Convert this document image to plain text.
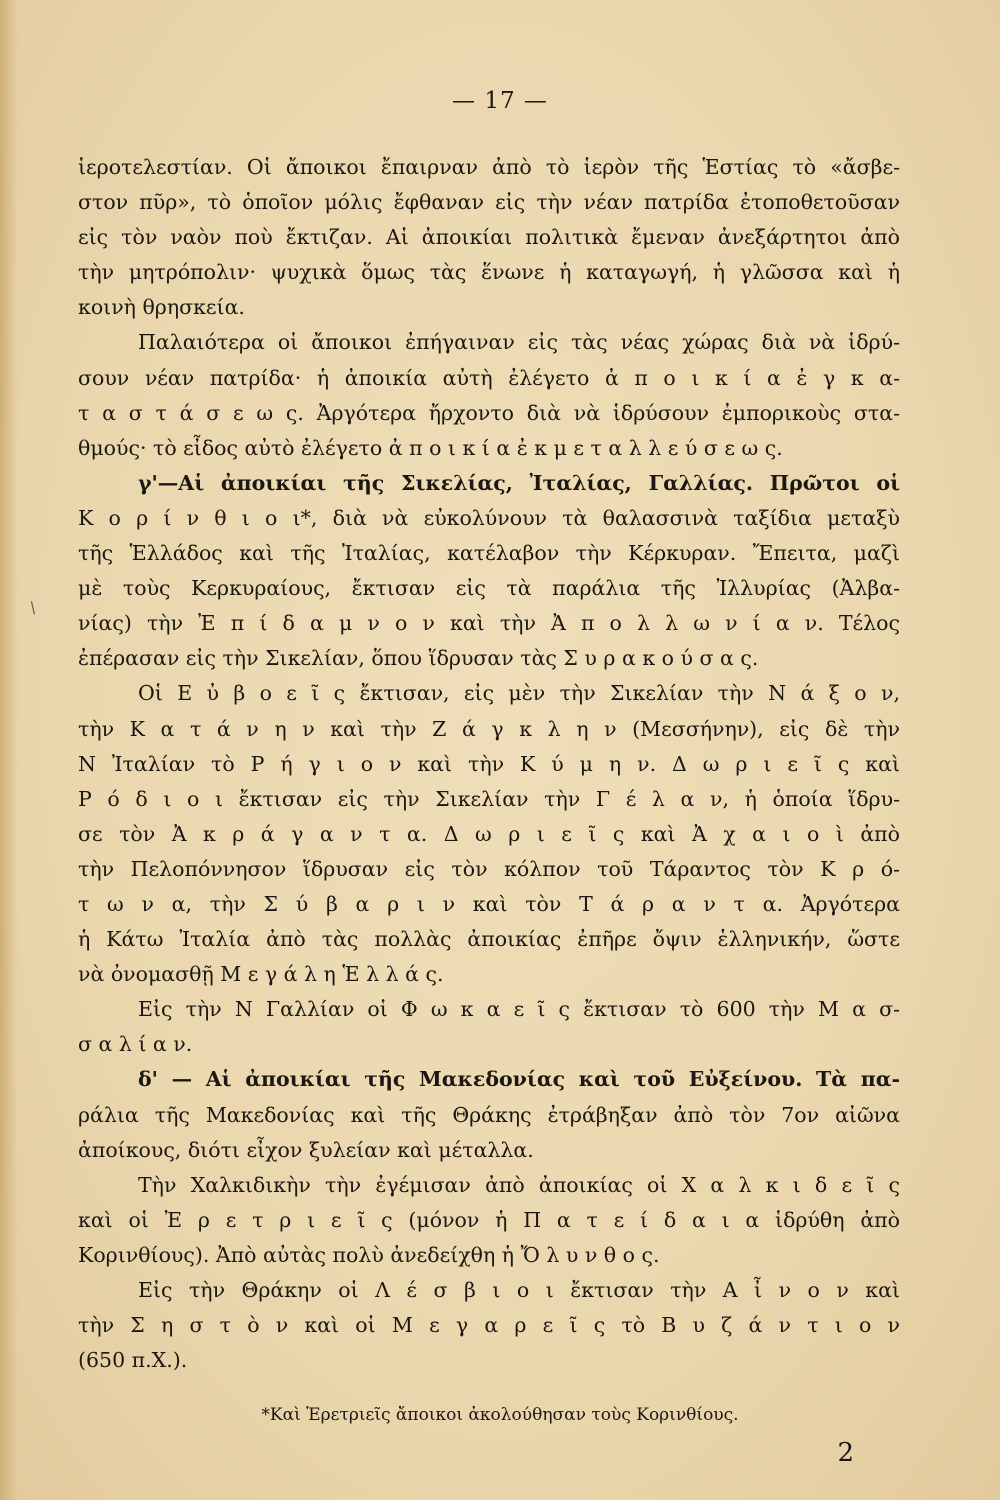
— 17 —
/

ἱεροτελεστίαν. Οἱ ἄποικοι ἔπαιρναν ἀπὸ τὸ ἱερὸν τῆς Ἑστίας τὸ «ἄσβε-
στον πῦρ», τὸ ὁποῖον μόλις ἔφθαναν εἰς τὴν νέαν πατρίδα ἐτοποθετοῦσαν
εἰς τὸν ναὸν ποὺ ἔκτιζαν. Αἱ ἀποικίαι πολιτικὰ ἔμεναν ἀνεξάρτητοι ἀπὸ
τὴν μητρόπολιν· ψυχικὰ ὅμως τὰς ἕνωνε ἡ καταγωγή, ἡ γλῶσσα καὶ ἡ
κοινὴ θρησκεία.

Παλαιότερα οἱ ἄποικοι ἐπήγαιναν εἰς τὰς νέας χώρας διὰ νὰ ἱδρύ-
σουν νέαν πατρίδα· ἡ ἀποικία αὐτὴ ἐλέγετο ἀ π ο ι κ ί α ἐ γ κ α-
τ α σ τ ά σ ε ω ς. Ἀργότερα ἤρχοντο διὰ νὰ ἱδρύσουν ἐμπορικοὺς στα-
θμούς· τὸ εἶδος αὐτὸ ἐλέγετο ἀ π ο ι κ ί α ἐ κ μ ε τ α λ λ ε ύ σ ε ω ς.

γ'—Αἱ ἀποικίαι τῆς Σικελίας, Ἰταλίας, Γαλλίας. Πρῶτοι οἱ
Κ ο ρ ί ν θ ι ο ι*, διὰ νὰ εὐκολύνουν τὰ θαλασσινὰ ταξίδια μεταξὺ
τῆς Ἑλλάδος καὶ τῆς Ἰταλίας, κατέλαβον τὴν Κέρκυραν. Ἔπειτα, μαζὶ
μὲ τοὺς Κερκυραίους, ἔκτισαν εἰς τὰ παράλια τῆς Ἰλλυρίας (Ἀλβα-
νίας) τὴν Ἐ π ί δ α μ ν ο ν καὶ τὴν Ἀ π ο λ λ ω ν ί α ν. Τέλος
ἐπέρασαν εἰς τὴν Σικελίαν, ὅπου ἵδρυσαν τὰς Σ υ ρ α κ ο ύ σ α ς.

Οἱ Ε ὐ β ο ε ῖ ς ἔκτισαν, εἰς μὲν τὴν Σικελίαν τὴν Ν ά ξ ο ν,
τὴν Κ α τ ά ν η ν καὶ τὴν Ζ ά γ κ λ η ν (Μεσσήνην), εἰς δὲ τὴν
Ν Ἰταλίαν τὸ Ρ ή γ ι ο ν καὶ τὴν Κ ύ μ η ν. Δ ω ρ ι ε ῖ ς καὶ
Ρ ό δ ι ο ι ἔκτισαν εἰς τὴν Σικελίαν τὴν Γ έ λ α ν, ἡ ὁποία ἵδρυ-
σε τὸν Ἀ κ ρ ά γ α ν τ α. Δ ω ρ ι ε ῖ ς καὶ Ἀ χ α ι ο ὶ ἀπὸ
τὴν Πελοπόννησον ἵδρυσαν εἰς τὸν κόλπον τοῦ Τάραντος τὸν Κ ρ ό-
τ ω ν α, τὴν Σ ύ β α ρ ι ν καὶ τὸν Τ ά ρ α ν τ α. Ἀργότερα
ἡ Κάτω Ἰταλία ἀπὸ τὰς πολλὰς ἀποικίας ἐπῆρε ὄψιν ἑλληνικήν, ὥστε
νὰ ὀνομασθῇ Μ ε γ ά λ η Ἑ λ λ ά ς.

Εἰς τὴν Ν Γαλλίαν οἱ Φ ω κ α ε ῖ ς ἔκτισαν τὸ 600 τὴν Μ α σ-
σ α λ ί α ν.

δ' — Αἱ ἀποικίαι τῆς Μακεδονίας καὶ τοῦ Εὐξείνου. Τὰ πα-
ράλια τῆς Μακεδονίας καὶ τῆς Θράκης ἐτράβηξαν ἀπὸ τὸν 7ον αἰῶνα
ἀποίκους, διότι εἶχον ξυλείαν καὶ μέταλλα.

Τὴν Χαλκιδικὴν τὴν ἐγέμισαν ἀπὸ ἀποικίας οἱ Χ α λ κ ι δ ε ῖ ς
καὶ οἱ Ἐ ρ ε τ ρ ι ε ῖ ς (μόνον ἡ Π α τ ε ί δ α ι α ἱδρύθη ἀπὸ
Κορινθίους). Ἀπὸ αὐτὰς πολὺ ἀνεδείχθη ἡ Ὄ λ υ ν θ ο ς.

Εἰς τὴν Θράκην οἱ Λ έ σ β ι ο ι ἔκτισαν τὴν Α ἶ ν ο ν καὶ
τὴν Σ η σ τ ὸ ν καὶ οἱ Μ ε γ α ρ ε ῖ ς τὸ Β υ ζ ά ν τ ι ο ν
(650 π.Χ.).

*Καὶ Ἐρετριεῖς ἄποικοι ἀκολούθησαν τοὺς Κορινθίους.
2
